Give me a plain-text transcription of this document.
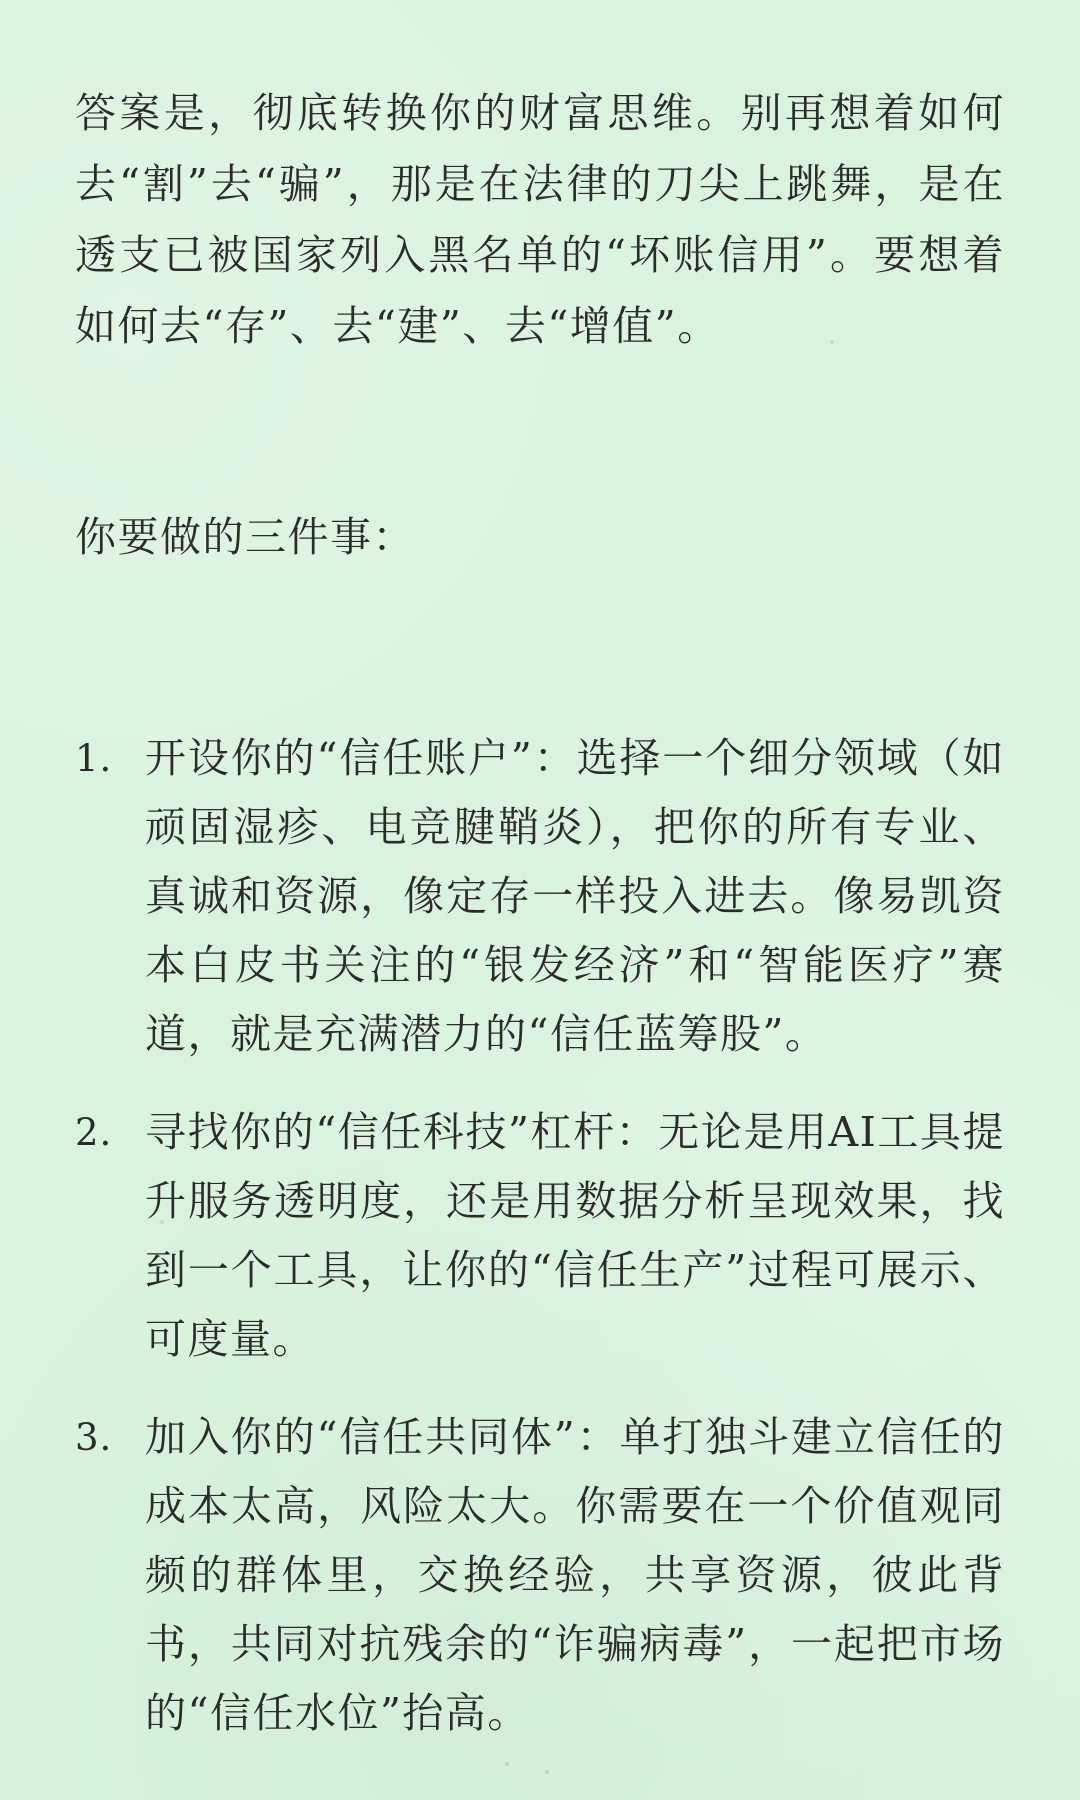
答案是，彻底转换你的财富思维。别再想着如何去“割”去“骗”，那是在法律的刀尖上跳舞，是在透支已被国家列入黑名单的“坏账信用”。要想着如何去“存”、去“建”、去“增值”。

你要做的三件事：

1. 开设你的“信任账户”：选择一个细分领域（如顽固湿疹、电竞腱鞘炎），把你的所有专业、真诚和资源，像定存一样投入进去。像易凯资本白皮书关注的“银发经济”和“智能医疗”赛道，就是充满潜力的“信任蓝筹股”。
2. 寻找你的“信任科技”杠杆：无论是用AI工具提升服务透明度，还是用数据分析呈现效果，找到一个工具，让你的“信任生产”过程可展示、可度量。
3. 加入你的“信任共同体”：单打独斗建立信任的成本太高，风险太大。你需要在一个价值观同频的群体里，交换经验，共享资源，彼此背书，共同对抗残余的“诈骗病毒”，一起把市场的“信任水位”抬高。
